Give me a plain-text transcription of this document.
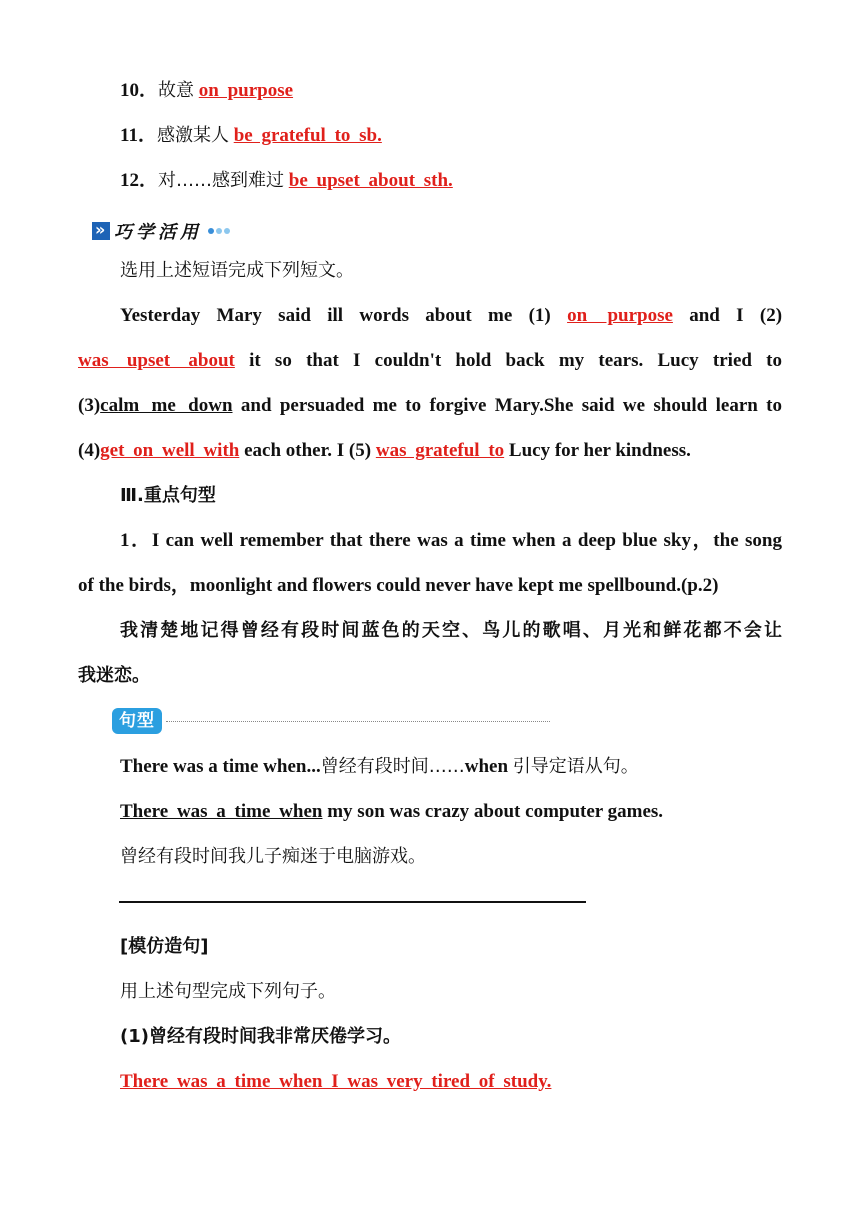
10．故意 on purpose
11．感激某人 be grateful to sb.
12．对……感到难过 be upset about sth.
»
巧学活用
选用上述短语完成下列短文。
Yesterday Mary said ill words about me (1) on purpose and I (2)
was upset about it so that I couldn't hold back my tears. Lucy tried to
(3)calm me down and persuaded me to forgive Mary.She said we should learn to
(4)get on well with each other. I (5) was grateful to Lucy for her kindness.
Ⅲ.重点句型
1．I can well remember that there was a time when a deep blue sky，the song
of the birds，moonlight and flowers could never have kept me spellbound.(p.2)
我清楚地记得曾经有段时间蓝色的天空、鸟儿的歌唱、月光和鲜花都不会让
我迷恋。
句型
There was a time when...曾经有段时间……when 引导定语从句。
There was a time when my son was crazy about computer games.
曾经有段时间我儿子痴迷于电脑游戏。
[模仿造句]
用上述句型完成下列句子。
(1)曾经有段时间我非常厌倦学习。
There was a time when I was very tired of study.
